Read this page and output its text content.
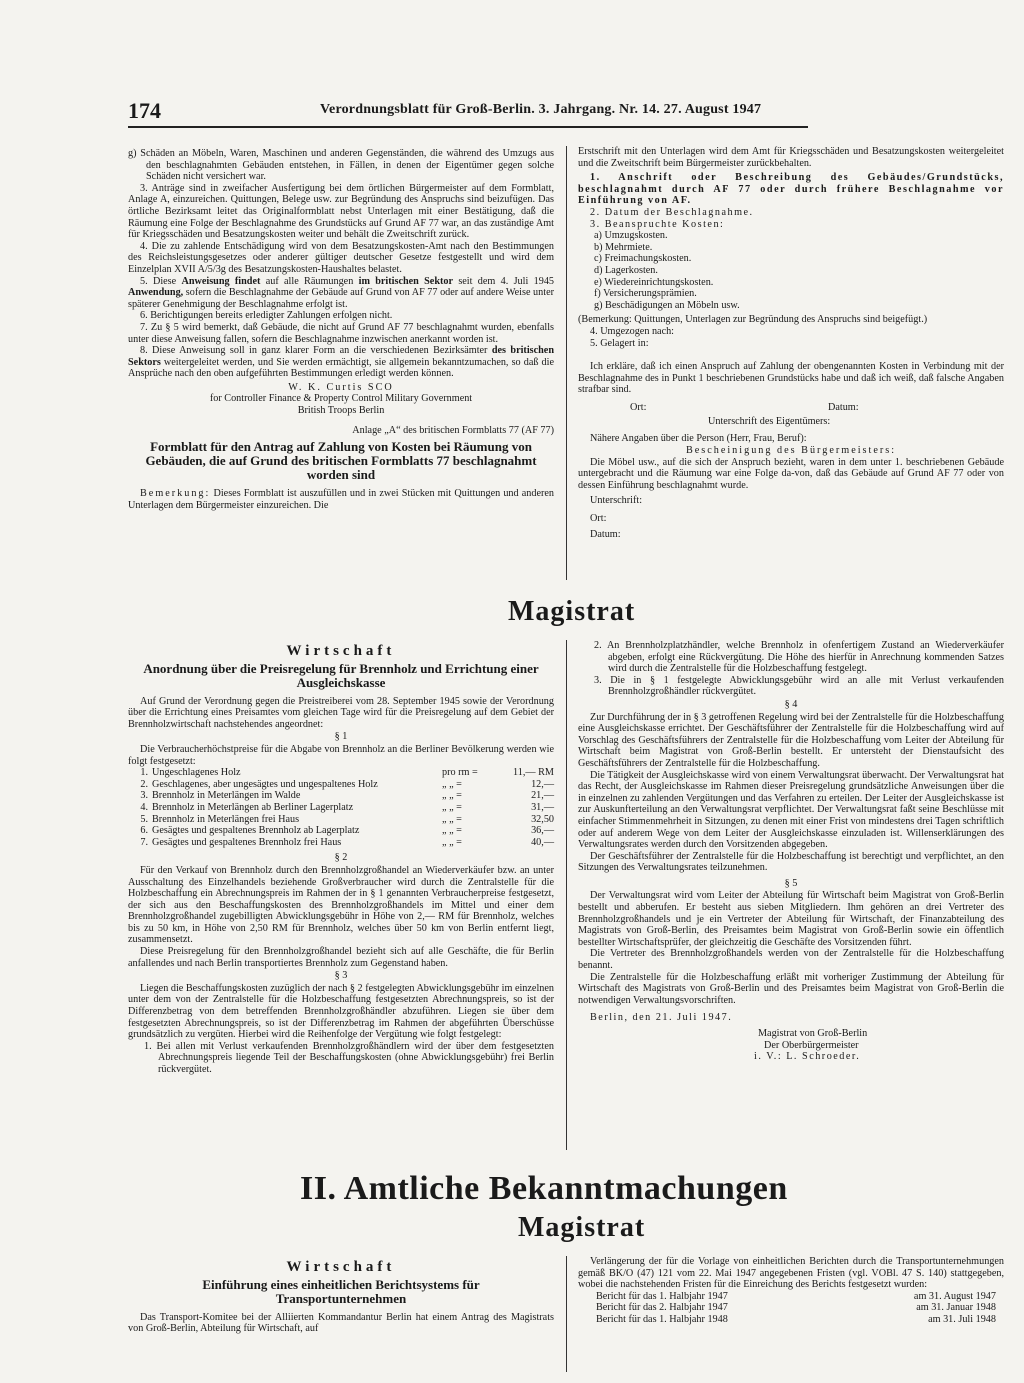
174	Verordnungsblatt für Groß-Berlin. 3. Jahrgang. Nr. 14. 27. August 1947

g) Schäden an Möbeln, Waren, Maschinen und anderen Gegenständen, die während des Umzugs aus den beschlagnahmten Gebäuden entstehen, in Fällen, in denen der Eigentümer gegen solche Schäden nicht versichert war.

3. Anträge sind in zweifacher Ausfertigung bei dem örtlichen Bürgermeister auf dem Formblatt, Anlage A, einzureichen. Quittungen, Belege usw. zur Begründung des Anspruchs sind beizufügen. Das örtliche Bezirksamt leitet das Originalformblatt nebst Unterlagen mit einer Bestätigung, daß die Räumung eine Folge der Beschlagnahme des Grundstücks auf Grund AF 77 war, an das zuständige Amt für Kriegsschäden und Besatzungskosten weiter und behält die Zweitschrift zurück.

4. Die zu zahlende Entschädigung wird von dem Besatzungskosten-Amt nach den Bestimmungen des Reichsleistungsgesetzes oder anderer gültiger deutscher Gesetze festgestellt und wird dem Einzelplan XVII A/5/3g des Besatzungskosten-Haushaltes belastet.

5. Diese Anweisung findet auf alle Räumungen im britischen Sektor seit dem 4. Juli 1945 Anwendung, sofern die Beschlagnahme der Gebäude auf Grund von AF 77 oder auf andere Weise unter späterer Genehmigung der Beschlagnahme erfolgt ist.

6. Berichtigungen bereits erledigter Zahlungen erfolgen nicht.

7. Zu § 5 wird bemerkt, daß Gebäude, die nicht auf Grund AF 77 beschlagnahmt wurden, ebenfalls unter diese Anweisung fallen, sofern die Beschlagnahme inzwischen anerkannt worden ist.

8. Diese Anweisung soll in ganz klarer Form an die verschiedenen Bezirksämter des britischen Sektors weitergeleitet werden, und Sie werden ermächtigt, sie allgemein bekanntzumachen, so daß die Ansprüche nach den oben aufgeführten Bestimmungen erledigt werden können.

W. K. Curtis SCO

for Controller Finance & Property Control Military Government

British Troops Berlin

Anlage „A“ des britischen Formblatts 77 (AF 77)

Formblatt für den Antrag auf Zahlung von Kosten bei Räumung von Gebäuden, die auf Grund des britischen Formblatts 77 beschlagnahmt worden sind

Bemerkung: Dieses Formblatt ist auszufüllen und in zwei Stücken mit Quittungen und anderen Unterlagen dem Bürgermeister einzureichen. Die

Erstschrift mit den Unterlagen wird dem Amt für Kriegsschäden und Besatzungskosten weitergeleitet und die Zweitschrift beim Bürgermeister zurückbehalten.

1. Anschrift oder Beschreibung des Gebäudes/Grundstücks, beschlagnahmt durch AF 77 oder durch frühere Beschlagnahme vor Einführung von AF.

2. Datum der Beschlagnahme.

3. Beanspruchte Kosten:

a) Umzugskosten.

b) Mehrmiete.

c) Freimachungskosten.

d) Lagerkosten.

e) Wiedereinrichtungskosten.

f) Versicherungsprämien.

g) Beschädigungen an Möbeln usw.

(Bemerkung: Quittungen, Unterlagen zur Begründung des Anspruchs sind beigefügt.)

4. Umgezogen nach:

5. Gelagert in:

Ich erkläre, daß ich einen Anspruch auf Zahlung der obengenannten Kosten in Verbindung mit der Beschlagnahme des in Punkt 1 beschriebenen Grundstücks habe und daß ich weiß, daß falsche Angaben strafbar sind.

Ort:	Datum:

Unterschrift des Eigentümers:

Nähere Angaben über die Person (Herr, Frau, Beruf):

Bescheinigung des Bürgermeisters:

Die Möbel usw., auf die sich der Anspruch bezieht, waren in dem unter 1. beschriebenen Gebäude untergebracht und die Räumung war eine Folge da-von, daß das Gebäude auf Grund AF 77 oder von dessen Einführung beschlagnahmt wurde.

Unterschrift:

Ort:

Datum:

Magistrat

Wirtschaft

Anordnung über die Preisregelung für Brennholz und Errichtung einer Ausgleichskasse

Auf Grund der Verordnung gegen die Preistreiberei vom 28. September 1945 sowie der Verordnung über die Errichtung eines Preisamtes vom gleichen Tage wird für die Preisregelung auf dem Gebiet der Brennholzwirtschaft nachstehendes angeordnet:

§ 1

Die Verbraucherhöchstpreise für die Abgabe von Brennholz an die Berliner Bevölkerung werden wie folgt festgesetzt:

1.	Ungeschlagenes Holz	pro rm =	11,— RM
2.	Geschlagenes, aber ungesägtes und ungespaltenes Holz	„ „ =	12,—
3.	Brennholz in Meterlängen im Walde	„ „ =	21,—
4.	Brennholz in Meterlängen ab Berliner Lagerplatz	„ „ =	31,—
5.	Brennholz in Meterlängen frei Haus	„ „ =	32,50
6.	Gesägtes und gespaltenes Brennholz ab Lagerplatz	„ „ =	36,—
7.	Gesägtes und gespaltenes Brennholz frei Haus	„ „ =	40,—

§ 2

Für den Verkauf von Brennholz durch den Brennholzgroßhandel an Wiederverkäufer bzw. an unter Ausschaltung des Einzelhandels beziehende Großverbraucher wird durch die Zentralstelle für die Holzbeschaffung ein Abrechnungspreis im Rahmen der in § 1 genannten Verbraucherpreise festgesetzt, der sich aus den Beschaffungskosten des Brennholzgroßhandels im Mittel und einer dem Brennholzgroßhandel zugebilligten Abwicklungsgebühr in Höhe von 2,— RM für Brennholz, welches bis zu 50 km, in Höhe von 2,50 RM für Brennholz, welches über 50 km von Berlin entfernt liegt, zusammensetzt.

Diese Preisregelung für den Brennholzgroßhandel bezieht sich auf alle Geschäfte, die für Berlin anfallendes und nach Berlin transportiertes Brennholz zum Gegenstand haben.

§ 3

Liegen die Beschaffungskosten zuzüglich der nach § 2 festgelegten Abwicklungsgebühr im einzelnen unter dem von der Zentralstelle für die Holzbeschaffung festgesetzten Abrechnungspreis, so ist der Differenzbetrag von dem betreffenden Brennholzgroßhändler abzuführen. Liegen sie über dem festgesetzten Abrechnungspreis, so ist der Differenzbetrag im Rahmen der abgeführten Überschüsse grundsätzlich zu vergüten. Hierbei wird die Reihenfolge der Vergütung wie folgt festgelegt:

1. Bei allen mit Verlust verkaufenden Brennholzgroßhändlern wird der über dem festgesetzten Abrechnungspreis liegende Teil der Beschaffungskosten (ohne Abwicklungsgebühr) frei Berlin rückvergütet.

2. An Brennholzplatzhändler, welche Brennholz in ofenfertigem Zustand an Wiederverkäufer abgeben, erfolgt eine Rückvergütung. Die Höhe des hierfür in Anrechnung kommenden Satzes wird durch die Zentralstelle für die Holzbeschaffung festgelegt.

3. Die in § 1 festgelegte Abwicklungsgebühr wird an alle mit Verlust verkaufenden Brennholzgroßhändler rückvergütet.

§ 4

Zur Durchführung der in § 3 getroffenen Regelung wird bei der Zentralstelle für die Holzbeschaffung eine Ausgleichskasse errichtet. Der Geschäftsführer der Zentralstelle für die Holzbeschaffung wird auf Vorschlag des Geschäftsführers der Zentralstelle für die Holzbeschaffung vom Leiter der Abteilung für Wirtschaft beim Magistrat von Groß-Berlin bestellt. Er untersteht der Dienstaufsicht des Geschäftsführers der Zentralstelle für die Holzbeschaffung.

Die Tätigkeit der Ausgleichskasse wird von einem Verwaltungsrat überwacht. Der Verwaltungsrat hat das Recht, der Ausgleichskasse im Rahmen dieser Preisregelung grundsätzliche Anweisungen über die in einzelnen zu zahlenden Vergütungen und das Verfahren zu erteilen. Der Leiter der Ausgleichskasse ist zur Auskunfterteilung an den Verwaltungsrat verpflichtet. Der Verwaltungsrat faßt seine Beschlüsse mit einfacher Stimmenmehrheit in Sitzungen, zu denen mit einer Frist von mindestens drei Tagen schriftlich oder auf anderem Wege von dem Leiter der Ausgleichskasse einzuladen ist. Willenserklärungen des Verwaltungsrates werden durch den Vorsitzenden abgegeben.

Der Geschäftsführer der Zentralstelle für die Holzbeschaffung ist berechtigt und verpflichtet, an den Sitzungen des Verwaltungsrates teilzunehmen.

§ 5

Der Verwaltungsrat wird vom Leiter der Abteilung für Wirtschaft beim Magistrat von Groß-Berlin bestellt und abberufen. Er besteht aus sieben Mitgliedern. Ihm gehören an drei Vertreter des Brennholzgroßhandels und je ein Vertreter der Abteilung für Wirtschaft, der Finanzabteilung des Magistrats von Groß-Berlin, des Preisamtes beim Magistrat von Groß-Berlin sowie ein öffentlich bestellter Wirtschaftsprüfer, der gleichzeitig die Geschäfte des Vorsitzenden führt.

Die Vertreter des Brennholzgroßhandels werden von der Zentralstelle für die Holzbeschaffung benannt.

Die Zentralstelle für die Holzbeschaffung erläßt mit vorheriger Zustimmung der Abteilung für Wirtschaft des Magistrats von Groß-Berlin und des Preisamtes beim Magistrat von Groß-Berlin die notwendigen Verwaltungsvorschriften.

Berlin, den 21. Juli 1947.

Magistrat von Groß-Berlin

Der Oberbürgermeister

i. V.: L. Schroeder.

II. Amtliche Bekanntmachungen
Magistrat

Wirtschaft

Einführung eines einheitlichen Berichtsystems für Transportunternehmen

Das Transport-Komitee bei der Alliierten Kommandantur Berlin hat einem Antrag des Magistrats von Groß-Berlin, Abteilung für Wirtschaft, auf

Verlängerung der für die Vorlage von einheitlichen Berichten durch die Transportunternehmungen gemäß BK/O (47) 121 vom 22. Mai 1947 angegebenen Fristen (vgl. VOBl. 47 S. 140) stattgegeben, wobei die nachstehenden Fristen für die Einreichung des Berichts festgesetzt wurden:

Bericht für das 1. Halbjahr 1947	am 31. August 1947
Bericht für das 2. Halbjahr 1947	am 31. Januar 1948
Bericht für das 1. Halbjahr 1948	am 31. Juli 1948
